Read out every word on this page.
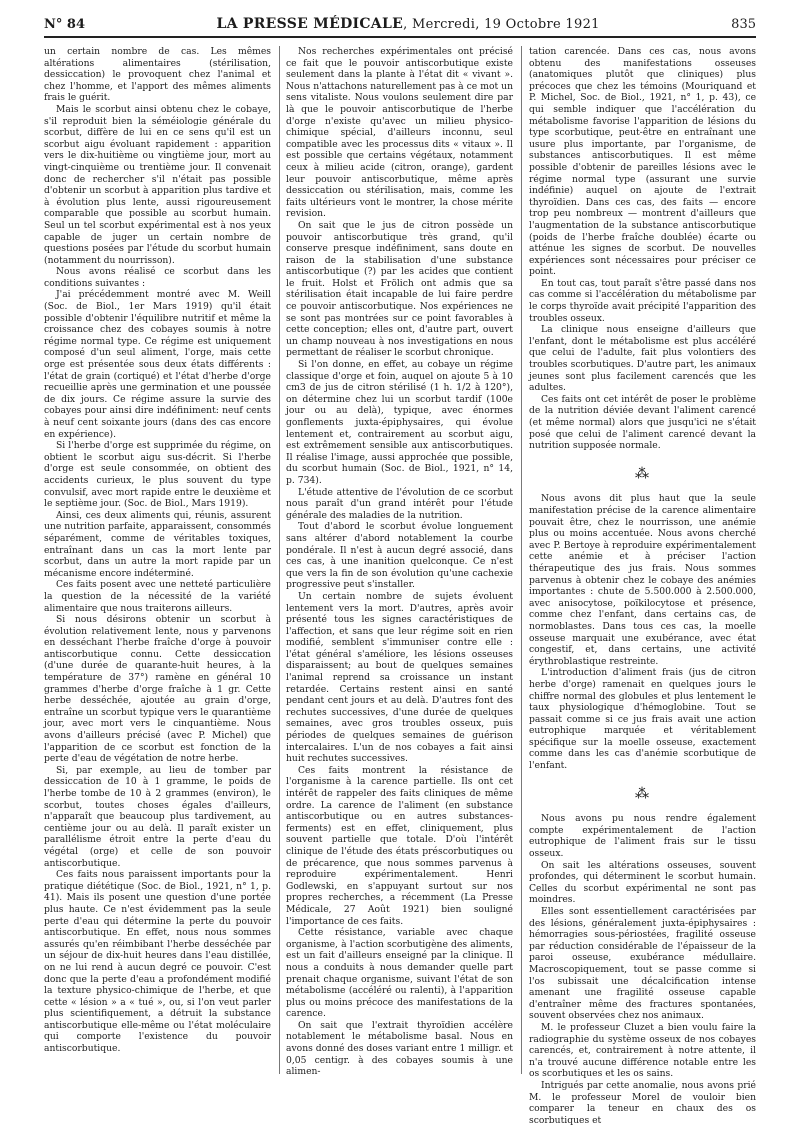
N° 84	LA PRESSE MÉDICALE, Mercredi, 19 Octobre 1921	835

un certain nombre de cas. Les mêmes altérations alimentaires (stérilisation, dessiccation) le provoquent chez l'animal et chez l'homme, et l'apport des mêmes aliments frais le guérit.

Mais le scorbut ainsi obtenu chez le cobaye, s'il reproduit bien la séméiologie générale du scorbut, diffère de lui en ce sens qu'il est un scorbut aigu évoluant rapidement : apparition vers le dix-huitième ou vingtième jour, mort au vingt-cinquième ou trentième jour. Il convenait donc de rechercher s'il n'était pas possible d'obtenir un scorbut à apparition plus tardive et à évolution plus lente, aussi rigoureusement comparable que possible au scorbut humain. Seul un tel scorbut expérimental est à nos yeux capable de juger un certain nombre de questions posées par l'étude du scorbut humain (notamment du nourrisson).

Nous avons réalisé ce scorbut dans les conditions suivantes :

J'ai précédemment montré avec M. Weill (Soc. de Biol., 1er Mars 1919) qu'il était possible d'obtenir l'équilibre nutritif et même la croissance chez des cobayes soumis à notre régime normal type. Ce régime est uniquement composé d'un seul aliment, l'orge, mais cette orge est présentée sous deux états différents : l'état de grain (cortiqué) et l'état d'herbe d'orge recueillie après une germination et une poussée de dix jours. Ce régime assure la survie des cobayes pour ainsi dire indéfiniment: neuf cents à neuf cent soixante jours (dans des cas encore en expérience).

Si l'herbe d'orge est supprimée du régime, on obtient le scorbut aigu sus-décrit. Si l'herbe d'orge est seule consommée, on obtient des accidents curieux, le plus souvent du type convulsif, avec mort rapide entre le deuxième et le septième jour. (Soc. de Biol., Mars 1919).

Ainsi, ces deux aliments qui, réunis, assurent une nutrition parfaite, apparaissent, consommés séparément, comme de véritables toxiques, entraînant dans un cas la mort lente par scorbut, dans un autre la mort rapide par un mécanisme encore indéterminé.

Ces faits posent avec une netteté particulière la question de la nécessité de la variété alimentaire que nous traiterons ailleurs.

Si nous désirons obtenir un scorbut à évolution relativement lente, nous y parvenons en desséchant l'herbe fraîche d'orge à pouvoir antiscorbutique connu. Cette dessiccation (d'une durée de quarante-huit heures, à la température de 37°) ramène en général 10 grammes d'herbe d'orge fraîche à 1 gr. Cette herbe desséchée, ajoutée au grain d'orge, entraîne un scorbut typique vers le quarantième jour, avec mort vers le cinquantième. Nous avons d'ailleurs précisé (avec P. Michel) que l'apparition de ce scorbut est fonction de la perte d'eau de végétation de notre herbe.

Si, par exemple, au lieu de tomber par dessiccation de 10 à 1 gramme, le poids de l'herbe tombe de 10 à 2 grammes (environ), le scorbut, toutes choses égales d'ailleurs, n'apparaît que beaucoup plus tardivement, au centième jour ou au delà. Il paraît exister un parallélisme étroit entre la perte d'eau du végétal (orge) et celle de son pouvoir antiscorbutique.

Ces faits nous paraissent importants pour la pratique diététique (Soc. de Biol., 1921, n° 1, p. 41). Mais ils posent une question d'une portée plus haute. Ce n'est évidemment pas la seule perte d'eau qui détermine la perte du pouvoir antiscorbutique. En effet, nous nous sommes assurés qu'en réimbibant l'herbe desséchée par un séjour de dix-huit heures dans l'eau distillée, on ne lui rend à aucun degré ce pouvoir. C'est donc que la perte d'eau a profondément modifié la texture physico-chimique de l'herbe, et que cette « lésion » a « tué », ou, si l'on veut parler plus scientifiquement, a détruit la substance antiscorbutique elle-même ou l'état moléculaire qui comporte l'existence du pouvoir antiscorbutique.

Nos recherches expérimentales ont précisé ce fait que le pouvoir antiscorbutique existe seulement dans la plante à l'état dit « vivant ». Nous n'attachons naturellement pas à ce mot un sens vitaliste. Nous voulons seulement dire par là que le pouvoir antiscorbutique de l'herbe d'orge n'existe qu'avec un milieu physico-chimique spécial, d'ailleurs inconnu, seul compatible avec les processus dits « vitaux ». Il est possible que certains végétaux, notamment ceux à milieu acide (citron, orange), gardent leur pouvoir antiscorbutique, même après dessiccation ou stérilisation, mais, comme les faits ultérieurs vont le montrer, la chose mérite revision.

On sait que le jus de citron possède un pouvoir antiscorbutique très grand, qu'il conserve presque indéfiniment, sans doute en raison de la stabilisation d'une substance antiscorbutique (?) par les acides que contient le fruit. Holst et Frölich ont admis que sa stérilisation était incapable de lui faire perdre ce pouvoir antiscorbutique. Nos expériences ne se sont pas montrées sur ce point favorables à cette conception; elles ont, d'autre part, ouvert un champ nouveau à nos investigations en nous permettant de réaliser le scorbut chronique.

Si l'on donne, en effet, au cobaye un régime classique d'orge et foin, auquel on ajoute 5 à 10 cm3 de jus de citron stérilisé (1 h. 1/2 à 120°), on détermine chez lui un scorbut tardif (100e jour ou au delà), typique, avec énormes gonflements juxta-épiphysaires, qui évolue lentement et, contrairement au scorbut aigu, est extrêmement sensible aux antiscorbutiques. Il réalise l'image, aussi approchée que possible, du scorbut humain (Soc. de Biol., 1921, n° 14, p. 734).

L'étude attentive de l'évolution de ce scorbut nous paraît d'un grand intérêt pour l'étude générale des maladies de la nutrition.

Tout d'abord le scorbut évolue longuement sans altérer d'abord notablement la courbe pondérale. Il n'est à aucun degré associé, dans ces cas, à une inanition quelconque. Ce n'est que vers la fin de son évolution qu'une cachexie progressive peut s'installer.

Un certain nombre de sujets évoluent lentement vers la mort. D'autres, après avoir présenté tous les signes caractéristiques de l'affection, et sans que leur régime soit en rien modifié, semblent s'immuniser contre elle : l'état général s'améliore, les lésions osseuses disparaissent; au bout de quelques semaines l'animal reprend sa croissance un instant retardée. Certains restent ainsi en santé pendant cent jours et au delà. D'autres font des rechutes successives, d'une durée de quelques semaines, avec gros troubles osseux, puis périodes de quelques semaines de guérison intercalaires. L'un de nos cobayes a fait ainsi huit rechutes successives.

Ces faits montrent la résistance de l'organisme à la carence partielle. Ils ont cet intérêt de rappeler des faits cliniques de même ordre. La carence de l'aliment (en substance antiscorbutique ou en autres substances-ferments) est en effet, cliniquement, plus souvent partielle que totale. D'où l'intérêt clinique de l'étude des états préscorbutiques ou de précarence, que nous sommes parvenus à reproduire expérimentalement. Henri Godlewski, en s'appuyant surtout sur nos propres recherches, a récemment (La Presse Médicale, 27 Août 1921) bien souligné l'importance de ces faits.

Cette résistance, variable avec chaque organisme, à l'action scorbutigène des aliments, est un fait d'ailleurs enseigné par la clinique. Il nous a conduits à nous demander quelle part prenait chaque organisme, suivant l'état de son métabolisme (accéléré ou ralenti), à l'apparition plus ou moins précoce des manifestations de la carence.

On sait que l'extrait thyroïdien accélère notablement le métabolisme basal. Nous en avons donné des doses variant entre 1 milligr. et 0,05 centigr. à des cobayes soumis à une alimen-

tation carencée. Dans ces cas, nous avons obtenu des manifestations osseuses (anatomiques plutôt que cliniques) plus précoces que chez les témoins (Mouriquand et P. Michel, Soc. de Biol., 1921, n° 1, p. 43), ce qui semble indiquer que l'accélération du métabolisme favorise l'apparition de lésions du type scorbutique, peut-être en entraînant une usure plus importante, par l'organisme, de substances antiscorbutiques. Il est même possible d'obtenir de pareilles lésions avec le régime normal type (assurant une survie indéfinie) auquel on ajoute de l'extrait thyroïdien. Dans ces cas, des faits — encore trop peu nombreux — montrent d'ailleurs que l'augmentation de la substance antiscorbutique (poids de l'herbe fraîche doublée) écarte ou atténue les signes de scorbut. De nouvelles expériences sont nécessaires pour préciser ce point.

En tout cas, tout paraît s'être passé dans nos cas comme si l'accélération du métabolisme par le corps thyroïde avait précipité l'apparition des troubles osseux.

La clinique nous enseigne d'ailleurs que l'enfant, dont le métabolisme est plus accéléré que celui de l'adulte, fait plus volontiers des troubles scorbutiques. D'autre part, les animaux jeunes sont plus facilement carencés que les adultes.

Ces faits ont cet intérêt de poser le problème de la nutrition déviée devant l'aliment carencé (et même normal) alors que jusqu'ici ne s'était posé que celui de l'aliment carencé devant la nutrition supposée normale.

⁂

Nous avons dit plus haut que la seule manifestation précise de la carence alimentaire pouvait être, chez le nourrisson, une anémie plus ou moins accentuée. Nous avons cherché avec P. Bertoye à reproduire expérimentalement cette anémie et à préciser l'action thérapeutique des jus frais. Nous sommes parvenus à obtenir chez le cobaye des anémies importantes : chute de 5.500.000 à 2.500.000, avec anisocytose, poïkilocytose et présence, comme chez l'enfant, dans certains cas, de normoblastes. Dans tous ces cas, la moelle osseuse marquait une exubérance, avec état congestif, et, dans certains, une activité érythroblastique restreinte.

L'introduction d'aliment frais (jus de citron herbe d'orge) ramenait en quelques jours le chiffre normal des globules et plus lentement le taux physiologique d'hémoglobine. Tout se passait comme si ce jus frais avait une action eutrophique marquée et véritablement spécifique sur la moelle osseuse, exactement comme dans les cas d'anémie scorbutique de l'enfant.

⁂

Nous avons pu nous rendre également compte expérimentalement de l'action eutrophique de l'aliment frais sur le tissu osseux.

On sait les altérations osseuses, souvent profondes, qui déterminent le scorbut humain. Celles du scorbut expérimental ne sont pas moindres.

Elles sont essentiellement caractérisées par des lésions, généralement juxta-épiphysaires : hémorragies sous-périostées, fragilité osseuse par réduction considérable de l'épaisseur de la paroi osseuse, exubérance médullaire. Macroscopiquement, tout se passe comme si l'os subissait une décalcification intense amenant une fragilité osseuse capable d'entraîner même des fractures spontanées, souvent observées chez nos animaux.

M. le professeur Cluzet a bien voulu faire la radiographie du système osseux de nos cobayes carencés, et, contrairement à notre attente, il n'a trouvé aucune différence notable entre les os scorbutiques et les os sains.

Intrigués par cette anomalie, nous avons prié M. le professeur Morel de vouloir bien comparer la teneur en chaux des os scorbutiques et
